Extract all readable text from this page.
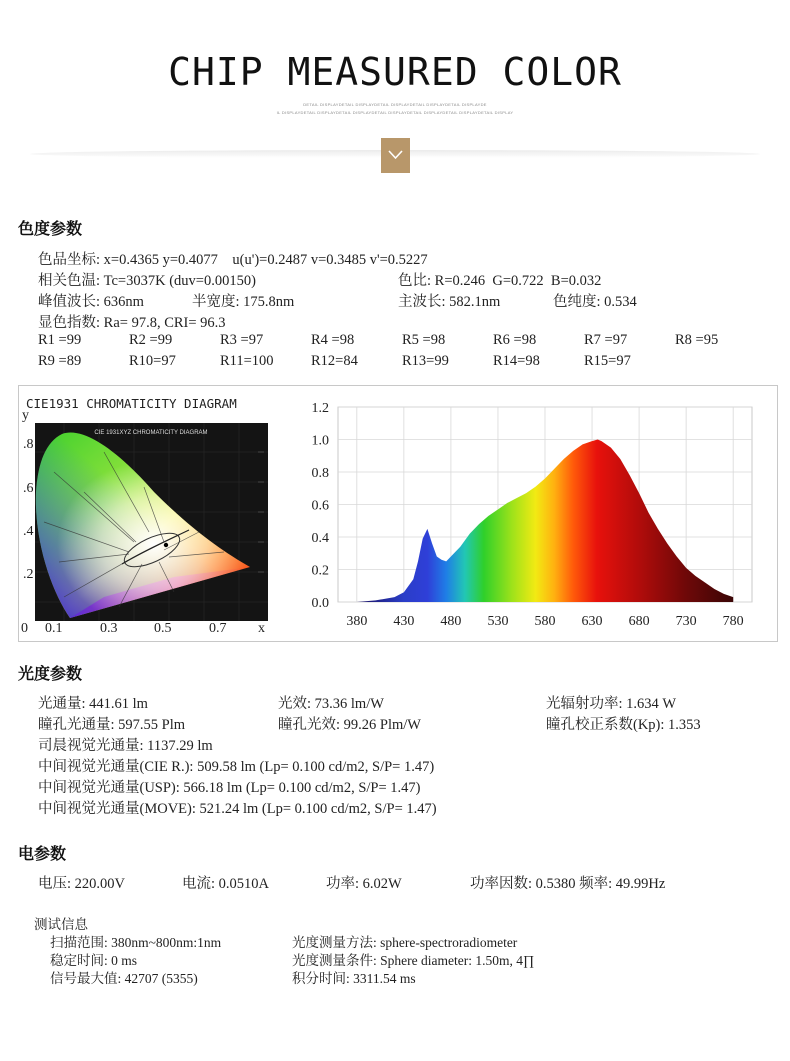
CHIP MEASURED COLOR
DETAIL DISPLAYDETAIL DISPLAYDETAIL DISPLAYDETAIL DISPLAYDETAIL DISPLAYDE
IL DISPLAYDETAIL DISPLAYDETAIL DISPLAYDETAIL DISPLAYDETAIL DISPLAYDETAIL DISPLAYDETAIL DISPLAY
色度参数
色品坐标: x=0.4365 y=0.4077    u(u')=0.2487 v=0.3485 v'=0.5227
相关色温: Tc=3037K (duv=0.00150)	色比: R=0.246  G=0.722  B=0.032
峰值波长: 636nm	半宽度: 175.8nm	主波长: 582.1nm	色纯度: 0.534
显色指数: Ra= 97.8, CRI= 96.3
R1 =99	R2 =99	R3 =97	R4 =98	R5 =98	R6 =98	R7 =97	R8 =95
R9 =89	R10=97	R11=100	R12=84	R13=99	R14=98	R15=97
CIE 1931XYZ CHROMATICITY DIAGRAM
CIE1931 CHROMATICITY DIAGRAM
y
.8
.6
.4
.2
0 0.1	0.3	0.5	0.7 x
0.0
0.2
0.4
0.6
0.8
1.0
1.2
380 430 480 530 580 630 680 730 780
光度参数
光通量: 441.61 lm	光效: 73.36 lm/W	光辐射功率: 1.634 W
瞳孔光通量: 597.55 Plm	瞳孔光效: 99.26 Plm/W	瞳孔校正系数(Kp): 1.353
司晨视觉光通量: 1137.29 lm
中间视觉光通量(CIE R.): 509.58 lm (Lp= 0.100 cd/m2, S/P= 1.47)
中间视觉光通量(USP): 566.18 lm (Lp= 0.100 cd/m2, S/P= 1.47)
中间视觉光通量(MOVE): 521.24 lm (Lp= 0.100 cd/m2, S/P= 1.47)
电参数
电压: 220.00V	电流: 0.0510A	功率: 6.02W	功率因数: 0.5380 频率: 49.99Hz
测试信息
扫描范围: 380nm~800nm:1nm	光度测量方法: sphere-spectroradiometer
稳定时间: 0 ms	光度测量条件: Sphere diameter: 1.50m, 4∏
信号最大值: 42707 (5355)	积分时间: 3311.54 ms
